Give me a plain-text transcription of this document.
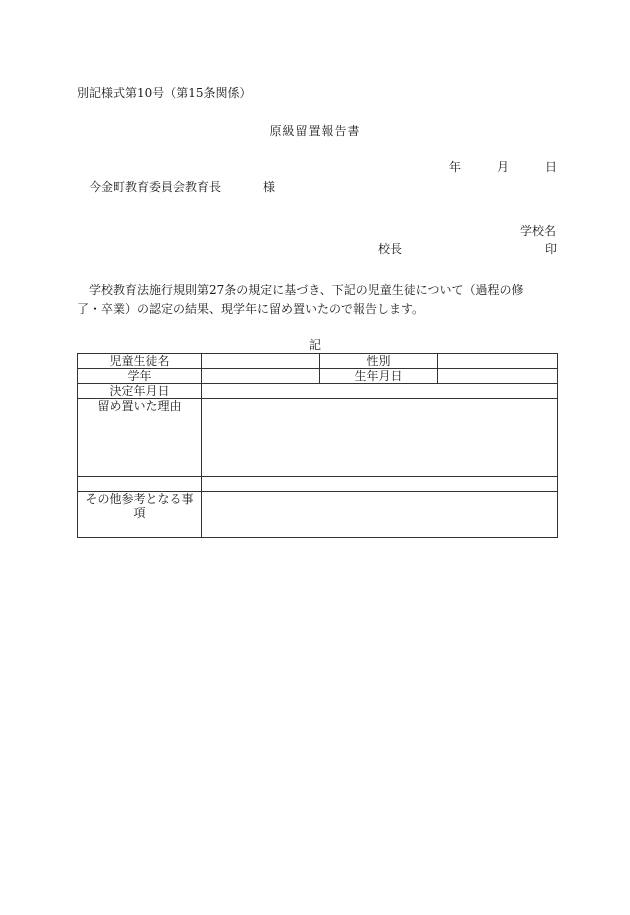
別記様式第10号（第15条関係）
原級留置報告書
年	月	日
今金町教育委員会教育長	様
学校名
校長	印

学校教育法施行規則第27条の規定に基づき、下記の児童生徒について（過程の修了・卒業）の認定の結果、現学年に留め置いたので報告します。

記
児童生徒名		性別	
学年		生年月日	
決定年月日			
留め置いた理由			

その他参考となる事項			
